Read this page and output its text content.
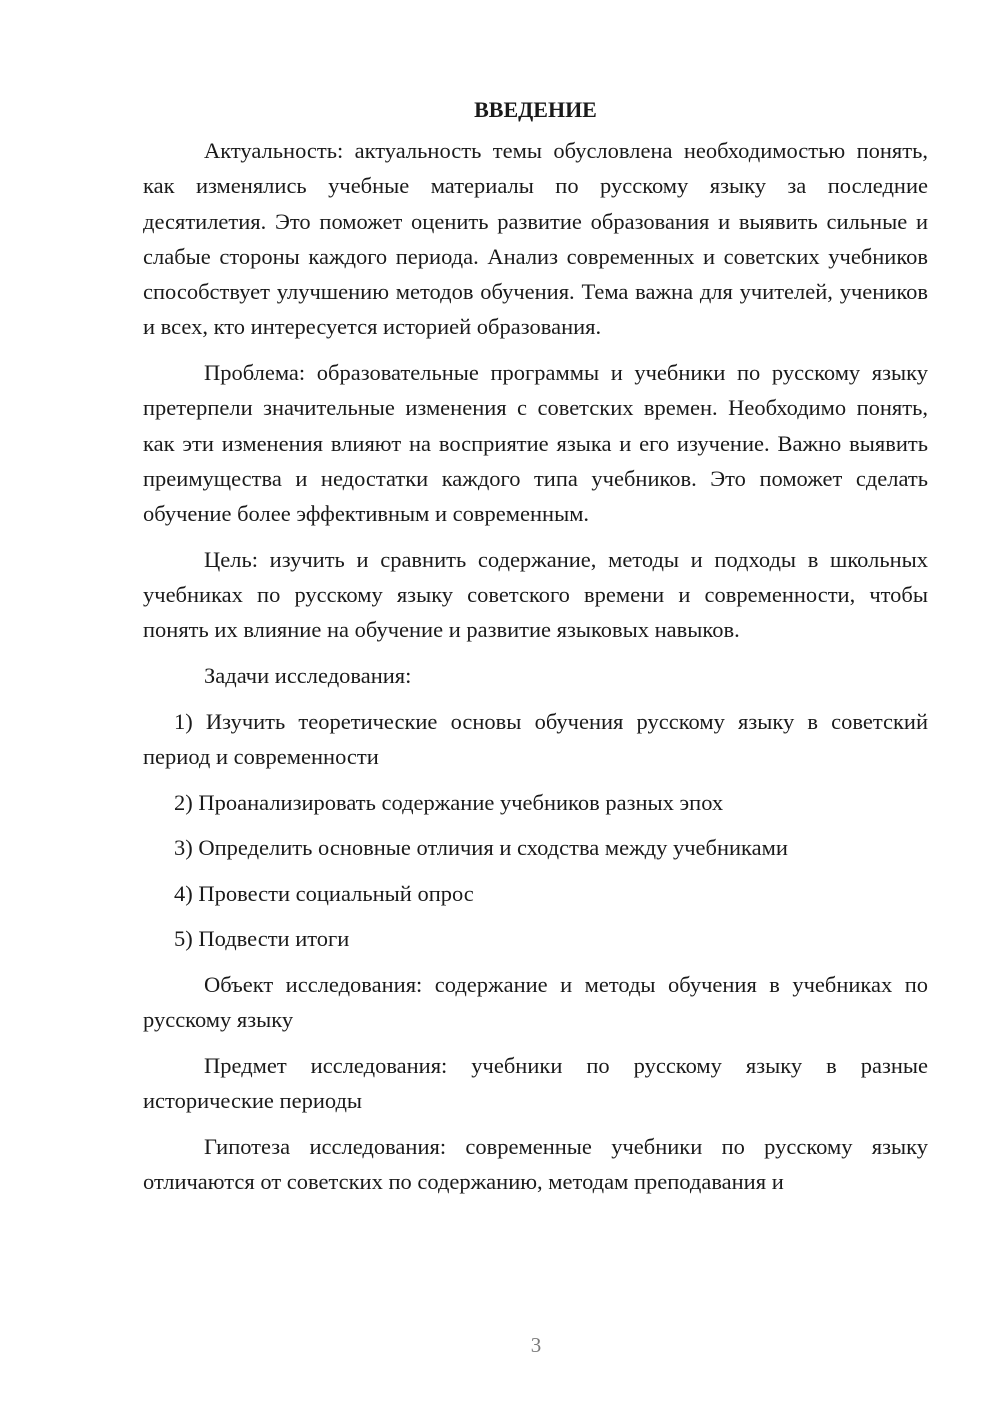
ВВЕДЕНИЕ

Актуальность: актуальность темы обусловлена необходимостью понять, как изменялись учебные материалы по русскому языку за последние десятилетия. Это поможет оценить развитие образования и выявить сильные и слабые стороны каждого периода. Анализ современных и советских учебников способствует улучшению методов обучения. Тема важна для учителей, учеников и всех, кто интересуется историей образования.

Проблема: образовательные программы и учебники по русскому языку претерпели значительные изменения с советских времен. Необходимо понять, как эти изменения влияют на восприятие языка и его изучение. Важно выявить преимущества и недостатки каждого типа учебников. Это поможет сделать обучение более эффективным и современным.

Цель: изучить и сравнить содержание, методы и подходы в школьных учебниках по русскому языку советского времени и современности, чтобы понять их влияние на обучение и развитие языковых навыков.

Задачи исследования:

1) Изучить теоретические основы обучения русскому языку в советский период и современности

2) Проанализировать содержание учебников разных эпох

3) Определить основные отличия и сходства между учебниками

4) Провести социальный опрос

5) Подвести итоги

Объект исследования: содержание и методы обучения в учебниках по русскому языку

Предмет исследования: учебники по русскому языку в разные исторические периоды

Гипотеза исследования: современные учебники по русскому языку отличаются от советских по содержанию, методам преподавания и

3
